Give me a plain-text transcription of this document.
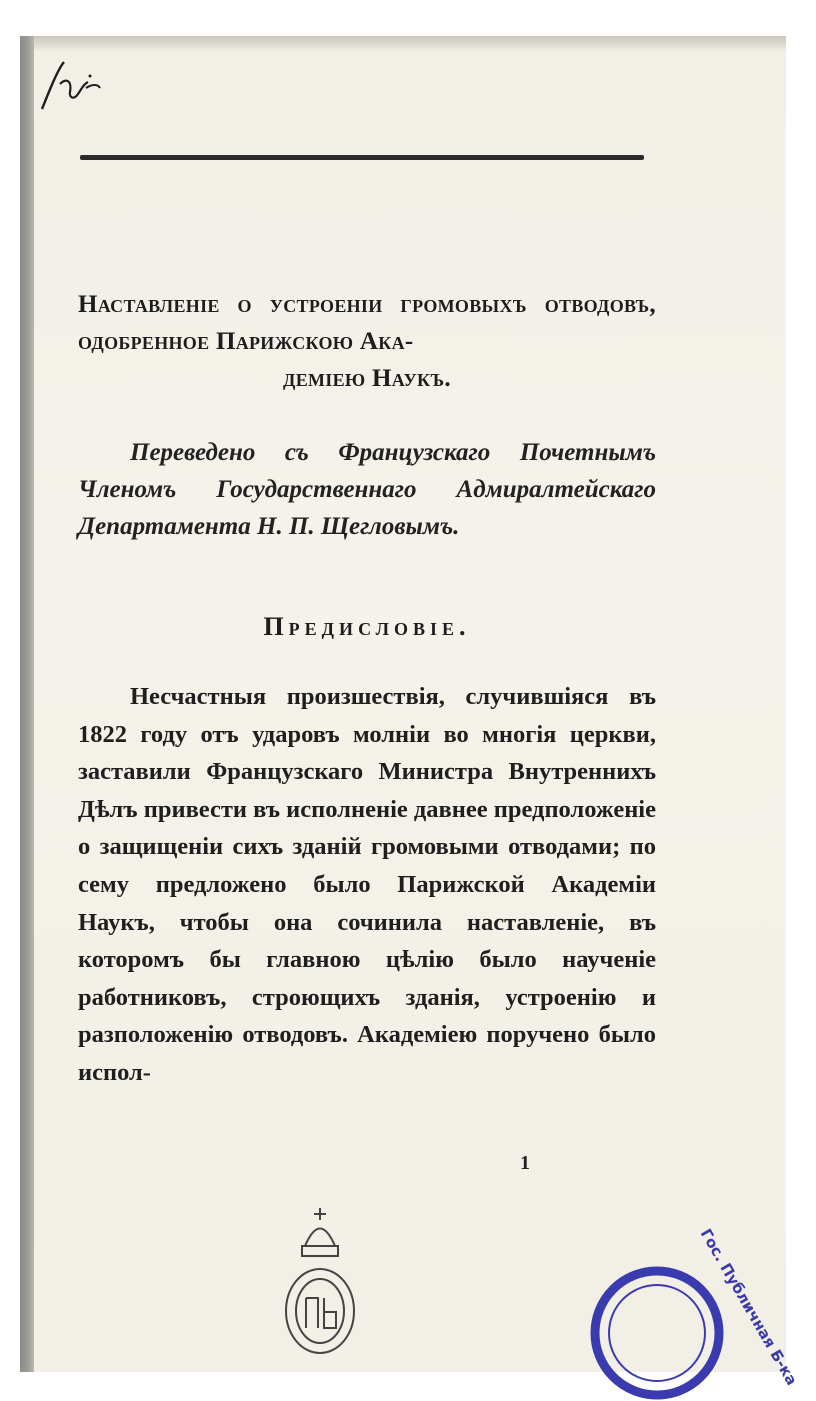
Наставленіе о устроеніи громовыхъ отводовъ, одобренное Парижскою Ака-
деміею Наукъ.
Переведено съ Французскаго Почетнымъ Членомъ Государственнаго Адмиралтейскаго Департамента Н. П. Щегловымъ.
Предисловіе.
Несчастныя произшествія, случившіяся въ 1822 году отъ ударовъ молніи во многія церкви, заставили Французскаго Министра Внутреннихъ Дѣлъ привести въ исполненіе давнее предположеніе о защищеніи сихъ зданій громовыми отводами; по сему предложено было Парижской Академіи Наукъ, чтобы она сочинила наставленіе, въ которомъ бы главною цѣлію было наученіе работниковъ, строющихъ зданія, устроенію и разположенію отводовъ. Академіею поручено было испол-
1
Гос. Публичная Б-ка
